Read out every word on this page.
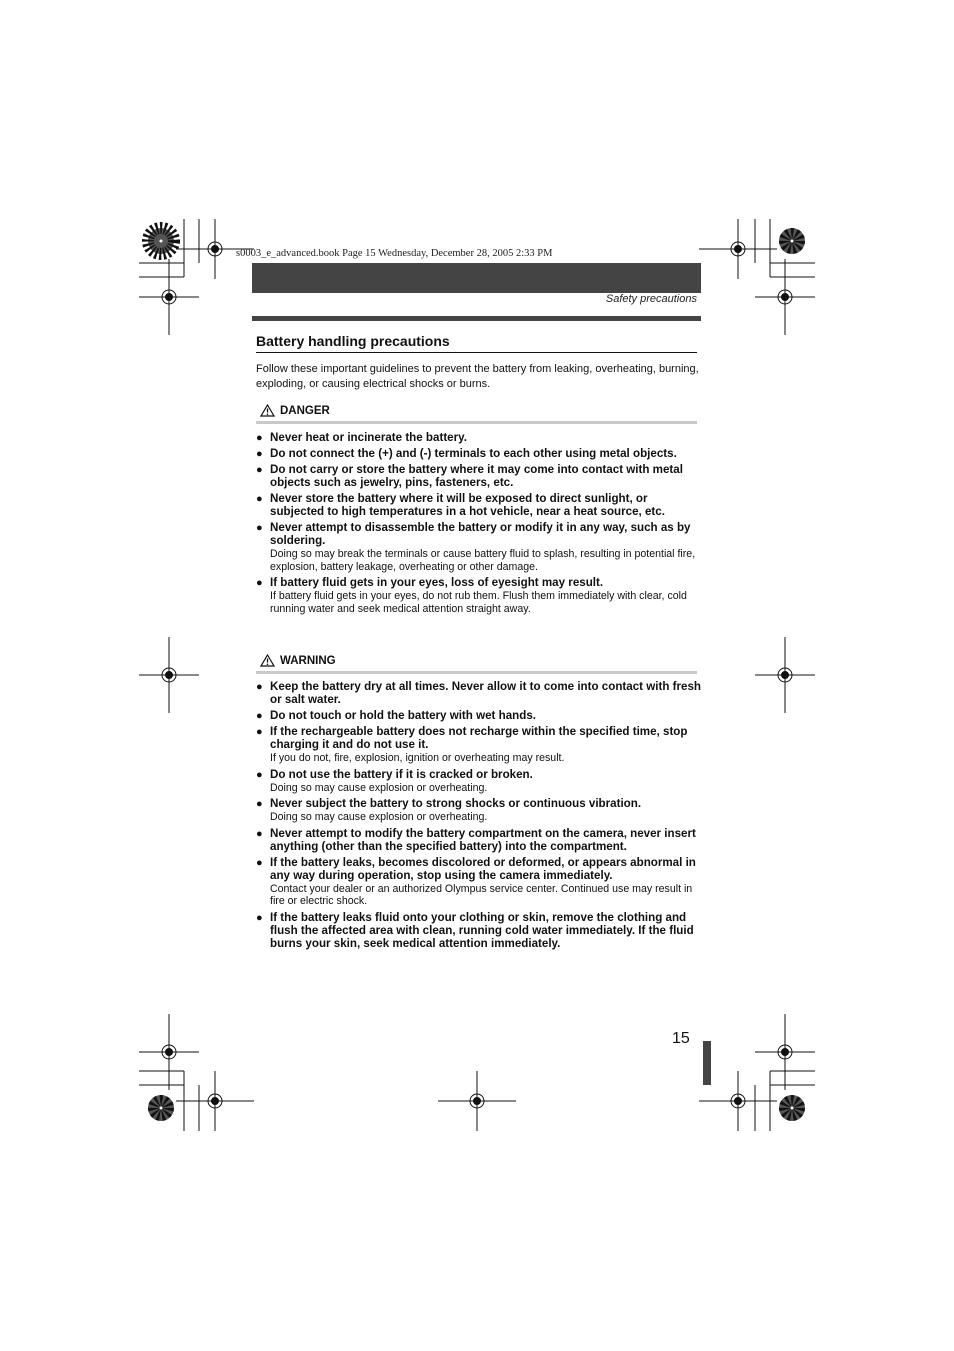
s0003_e_advanced.book Page 15 Wednesday, December 28, 2005 2:33 PM
Safety precautions
Battery handling precautions
Follow these important guidelines to prevent the battery from leaking, overheating, burning, exploding, or causing electrical shocks or burns.
DANGER
● Never heat or incinerate the battery.
● Do not connect the (+) and (-) terminals to each other using metal objects.
● Do not carry or store the battery where it may come into contact with metal objects such as jewelry, pins, fasteners, etc.
● Never store the battery where it will be exposed to direct sunlight, or subjected to high temperatures in a hot vehicle, near a heat source, etc.
● Never attempt to disassemble the battery or modify it in any way, such as by soldering.
Doing so may break the terminals or cause battery fluid to splash, resulting in potential fire, explosion, battery leakage, overheating or other damage.
● If battery fluid gets in your eyes, loss of eyesight may result.
If battery fluid gets in your eyes, do not rub them. Flush them immediately with clear, cold running water and seek medical attention straight away.
WARNING
● Keep the battery dry at all times. Never allow it to come into contact with fresh or salt water.
● Do not touch or hold the battery with wet hands.
● If the rechargeable battery does not recharge within the specified time, stop charging it and do not use it.
If you do not, fire, explosion, ignition or overheating may result.
● Do not use the battery if it is cracked or broken.
Doing so may cause explosion or overheating.
● Never subject the battery to strong shocks or continuous vibration.
Doing so may cause explosion or overheating.
● Never attempt to modify the battery compartment on the camera, never insert anything (other than the specified battery) into the compartment.
● If the battery leaks, becomes discolored or deformed, or appears abnormal in any way during operation, stop using the camera immediately.
Contact your dealer or an authorized Olympus service center. Continued use may result in fire or electric shock.
● If the battery leaks fluid onto your clothing or skin, remove the clothing and flush the affected area with clean, running cold water immediately. If the fluid burns your skin, seek medical attention immediately.
15
